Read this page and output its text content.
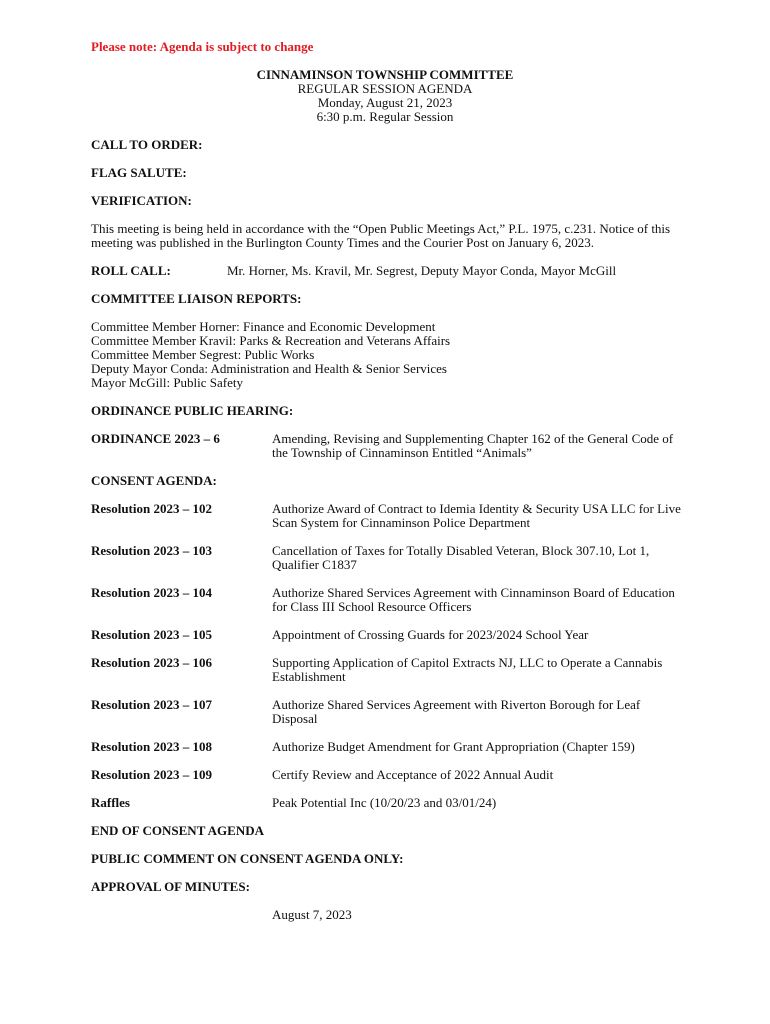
Please note: Agenda is subject to change
CINNAMINSON TOWNSHIP COMMITTEE
REGULAR SESSION AGENDA
Monday, August 21, 2023
6:30 p.m. Regular Session
CALL TO ORDER:
FLAG SALUTE:
VERIFICATION:

This meeting is being held in accordance with the “Open Public Meetings Act,” P.L. 1975, c.231. Notice of this meeting was published in the Burlington County Times and the Courier Post on January 6, 2023.

ROLL CALL:	Mr. Horner, Ms. Kravil, Mr. Segrest, Deputy Mayor Conda, Mayor McGill
COMMITTEE LIAISON REPORTS:
Committee Member Horner: Finance and Economic Development
Committee Member Kravil: Parks & Recreation and Veterans Affairs
Committee Member Segrest: Public Works
Deputy Mayor Conda: Administration and Health & Senior Services
Mayor McGill: Public Safety
ORDINANCE PUBLIC HEARING:
ORDINANCE 2023 – 6	Amending, Revising and Supplementing Chapter 162 of the General Code of the Township of Cinnaminson Entitled “Animals”
CONSENT AGENDA:
Resolution 2023 – 102	Authorize Award of Contract to Idemia Identity & Security USA LLC for Live Scan System for Cinnaminson Police Department
Resolution 2023 – 103	Cancellation of Taxes for Totally Disabled Veteran, Block 307.10, Lot 1, Qualifier C1837
Resolution 2023 – 104	Authorize Shared Services Agreement with Cinnaminson Board of Education for Class III School Resource Officers
Resolution 2023 – 105	Appointment of Crossing Guards for 2023/2024 School Year
Resolution 2023 – 106	Supporting Application of Capitol Extracts NJ, LLC to Operate a Cannabis Establishment
Resolution 2023 – 107	Authorize Shared Services Agreement with Riverton Borough for Leaf Disposal
Resolution 2023 – 108	Authorize Budget Amendment for Grant Appropriation (Chapter 159)
Resolution 2023 – 109	Certify Review and Acceptance of 2022 Annual Audit
Raffles	Peak Potential Inc (10/20/23 and 03/01/24)
END OF CONSENT AGENDA
PUBLIC COMMENT ON CONSENT AGENDA ONLY:
APPROVAL OF MINUTES:
August 7, 2023
